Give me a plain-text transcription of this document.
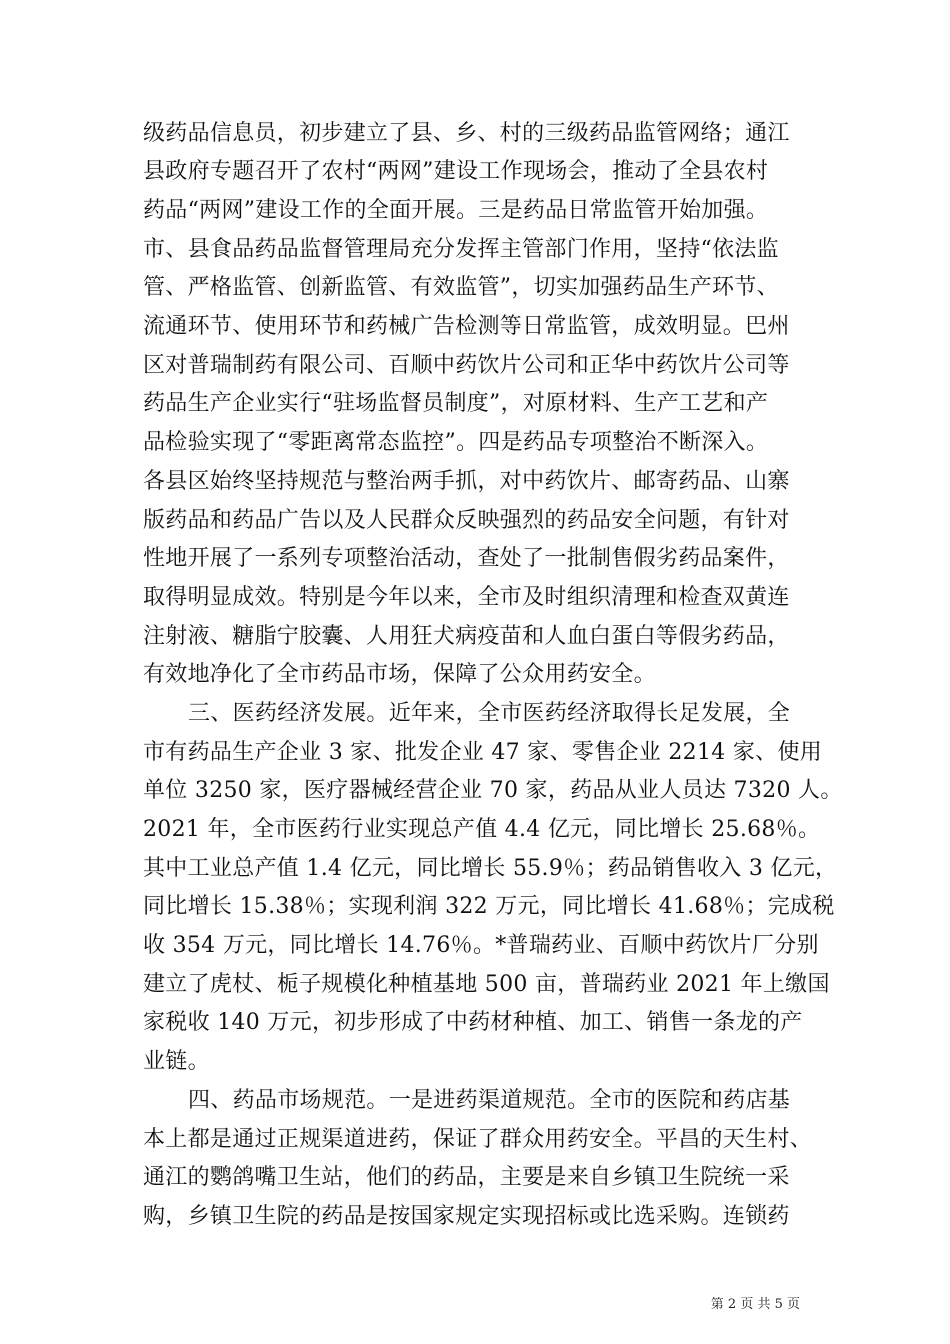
级药品信息员，初步建立了县、乡、村的三级药品监管网络；通江
县政府专题召开了农村“两网”建设工作现场会，推动了全县农村
药品“两网”建设工作的全面开展。三是药品日常监管开始加强。
市、县食品药品监督管理局充分发挥主管部门作用，坚持“依法监
管、严格监管、创新监管、有效监管”，切实加强药品生产环节、
流通环节、使用环节和药械广告检测等日常监管，成效明显。巴州
区对普瑞制药有限公司、百顺中药饮片公司和正华中药饮片公司等
药品生产企业实行“驻场监督员制度”，对原材料、生产工艺和产
品检验实现了“零距离常态监控”。四是药品专项整治不断深入。
各县区始终坚持规范与整治两手抓，对中药饮片、邮寄药品、山寨
版药品和药品广告以及人民群众反映强烈的药品安全问题，有针对
性地开展了一系列专项整治活动，查处了一批制售假劣药品案件，
取得明显成效。特别是今年以来，全市及时组织清理和检查双黄连
注射液、糖脂宁胶囊、人用狂犬病疫苗和人血白蛋白等假劣药品，
有效地净化了全市药品市场，保障了公众用药安全。
三、医药经济发展。近年来，全市医药经济取得长足发展，全
市有药品生产企业 3 家、批发企业 47 家、零售企业 2214 家、使用
单位 3250 家，医疗器械经营企业 70 家，药品从业人员达 7320 人。
2021 年，全市医药行业实现总产值 4.4 亿元，同比增长 25.68％。
其中工业总产值 1.4 亿元，同比增长 55.9％；药品销售收入 3 亿元，
同比增长 15.38％；实现利润 322 万元，同比增长 41.68％；完成税
收 354 万元，同比增长 14.76％。*普瑞药业、百顺中药饮片厂分别
建立了虎杖、栀子规模化种植基地 500 亩，普瑞药业 2021 年上缴国
家税收 140 万元，初步形成了中药材种植、加工、销售一条龙的产
业链。
四、药品市场规范。一是进药渠道规范。全市的医院和药店基
本上都是通过正规渠道进药，保证了群众用药安全。平昌的天生村、
通江的鹦鸽嘴卫生站，他们的药品，主要是来自乡镇卫生院统一采
购，乡镇卫生院的药品是按国家规定实现招标或比选采购。连锁药
第 2 页 共 5 页
